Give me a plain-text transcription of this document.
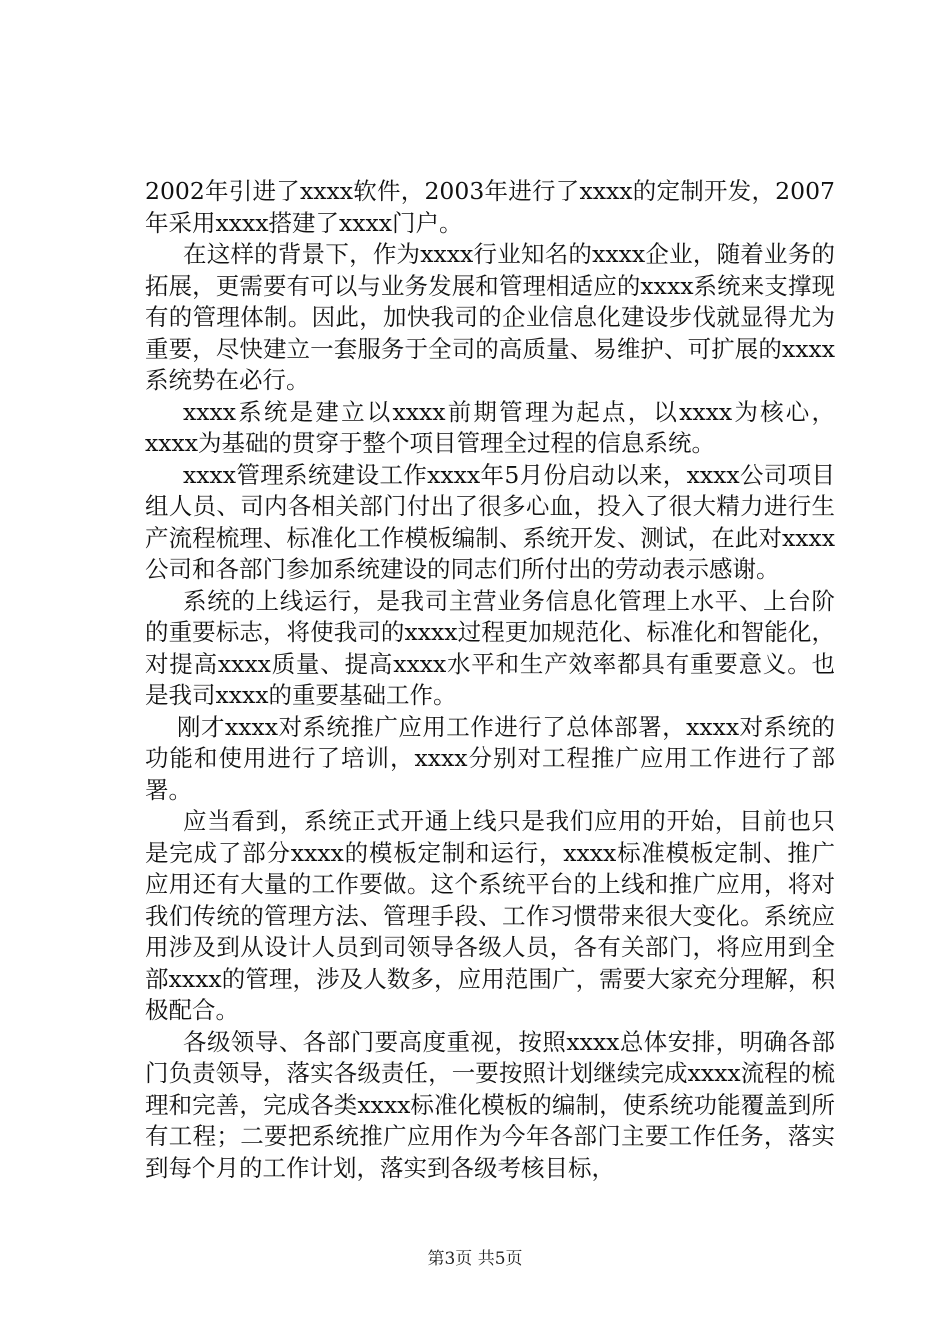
2002年引进了xxxx软件，2003年进行了xxxx的定制开发，2007年采用xxxx搭建了xxxx门户。

在这样的背景下，作为xxxx行业知名的xxxx企业，随着业务的拓展，更需要有可以与业务发展和管理相适应的xxxx系统来支撑现有的管理体制。因此，加快我司的企业信息化建设步伐就显得尤为重要，尽快建立一套服务于全司的高质量、易维护、可扩展的xxxx系统势在必行。

xxxx系统是建立以xxxx前期管理为起点，以xxxx为核心，xxxx为基础的贯穿于整个项目管理全过程的信息系统。

xxxx管理系统建设工作xxxx年5月份启动以来，xxxx公司项目组人员、司内各相关部门付出了很多心血，投入了很大精力进行生产流程梳理、标准化工作模板编制、系统开发、测试，在此对xxxx公司和各部门参加系统建设的同志们所付出的劳动表示感谢。

系统的上线运行，是我司主营业务信息化管理上水平、上台阶的重要标志，将使我司的xxxx过程更加规范化、标准化和智能化，对提高xxxx质量、提高xxxx水平和生产效率都具有重要意义。也是我司xxxx的重要基础工作。

刚才xxxx对系统推广应用工作进行了总体部署，xxxx对系统的功能和使用进行了培训，xxxx分别对工程推广应用工作进行了部署。

应当看到，系统正式开通上线只是我们应用的开始，目前也只是完成了部分xxxx的模板定制和运行，xxxx标准模板定制、推广应用还有大量的工作要做。这个系统平台的上线和推广应用，将对我们传统的管理方法、管理手段、工作习惯带来很大变化。系统应用涉及到从设计人员到司领导各级人员，各有关部门，将应用到全部xxxx的管理，涉及人数多，应用范围广，需要大家充分理解，积极配合。

各级领导、各部门要高度重视，按照xxxx总体安排，明确各部门负责领导，落实各级责任，一要按照计划继续完成xxxx流程的梳理和完善，完成各类xxxx标准化模板的编制，使系统功能覆盖到所有工程；二要把系统推广应用作为今年各部门主要工作任务，落实到每个月的工作计划，落实到各级考核目标，

第3页 共5页
